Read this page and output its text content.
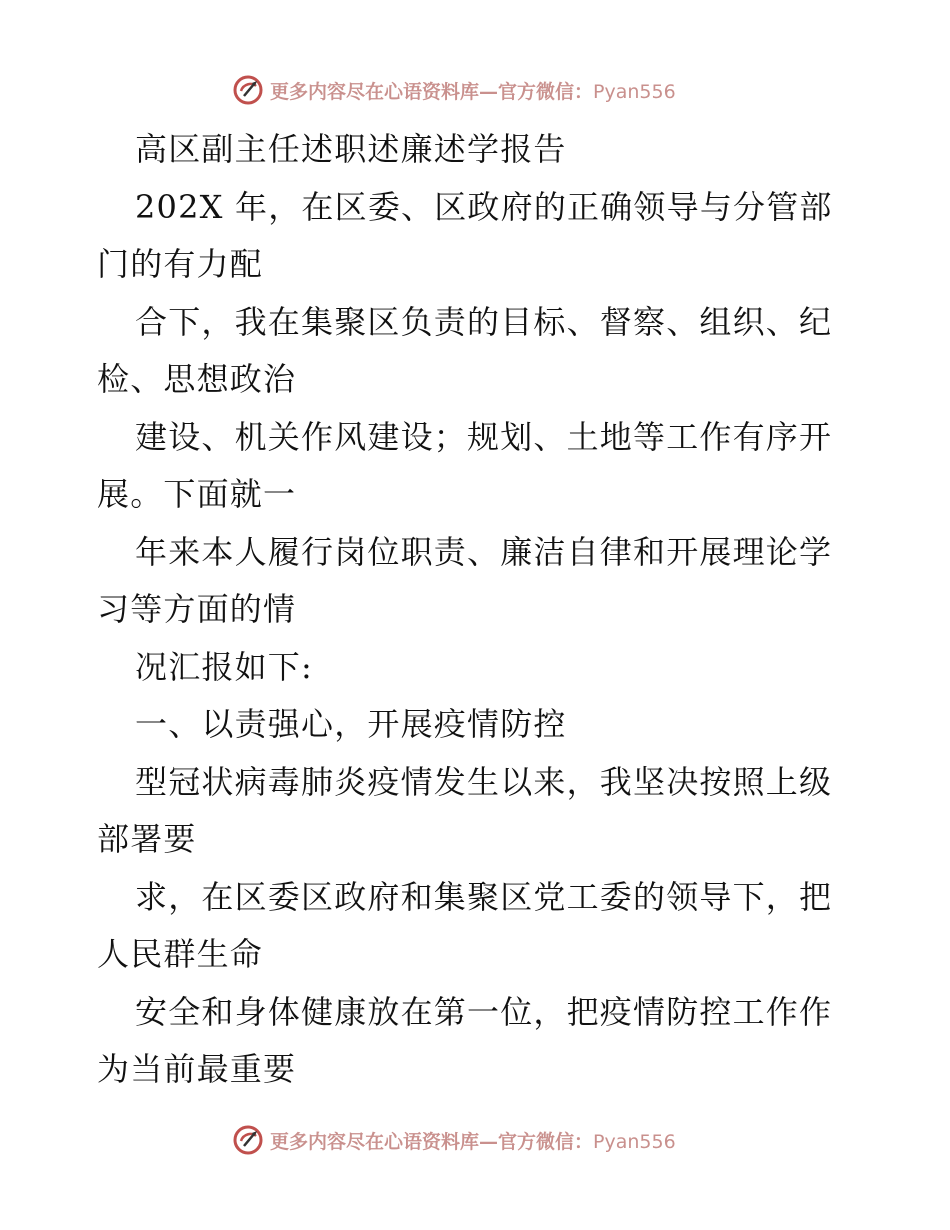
更多内容尽在心语资料库—官方微信：Pyan556
高区副主任述职述廉述学报告
202X 年，在区委、区政府的正确领导与分管部
门的有力配
合下，我在集聚区负责的目标、督察、组织、纪
检、思想政治
建设、机关作风建设；规划、土地等工作有序开
展。下面就一
年来本人履行岗位职责、廉洁自律和开展理论学
习等方面的情
况汇报如下:
一、以责强心，开展疫情防控
型冠状病毒肺炎疫情发生以来，我坚决按照上级
部署要
求，在区委区政府和集聚区党工委的领导下，把
人民群生命
安全和身体健康放在第一位，把疫情防控工作作
为当前最重要
更多内容尽在心语资料库—官方微信：Pyan556
